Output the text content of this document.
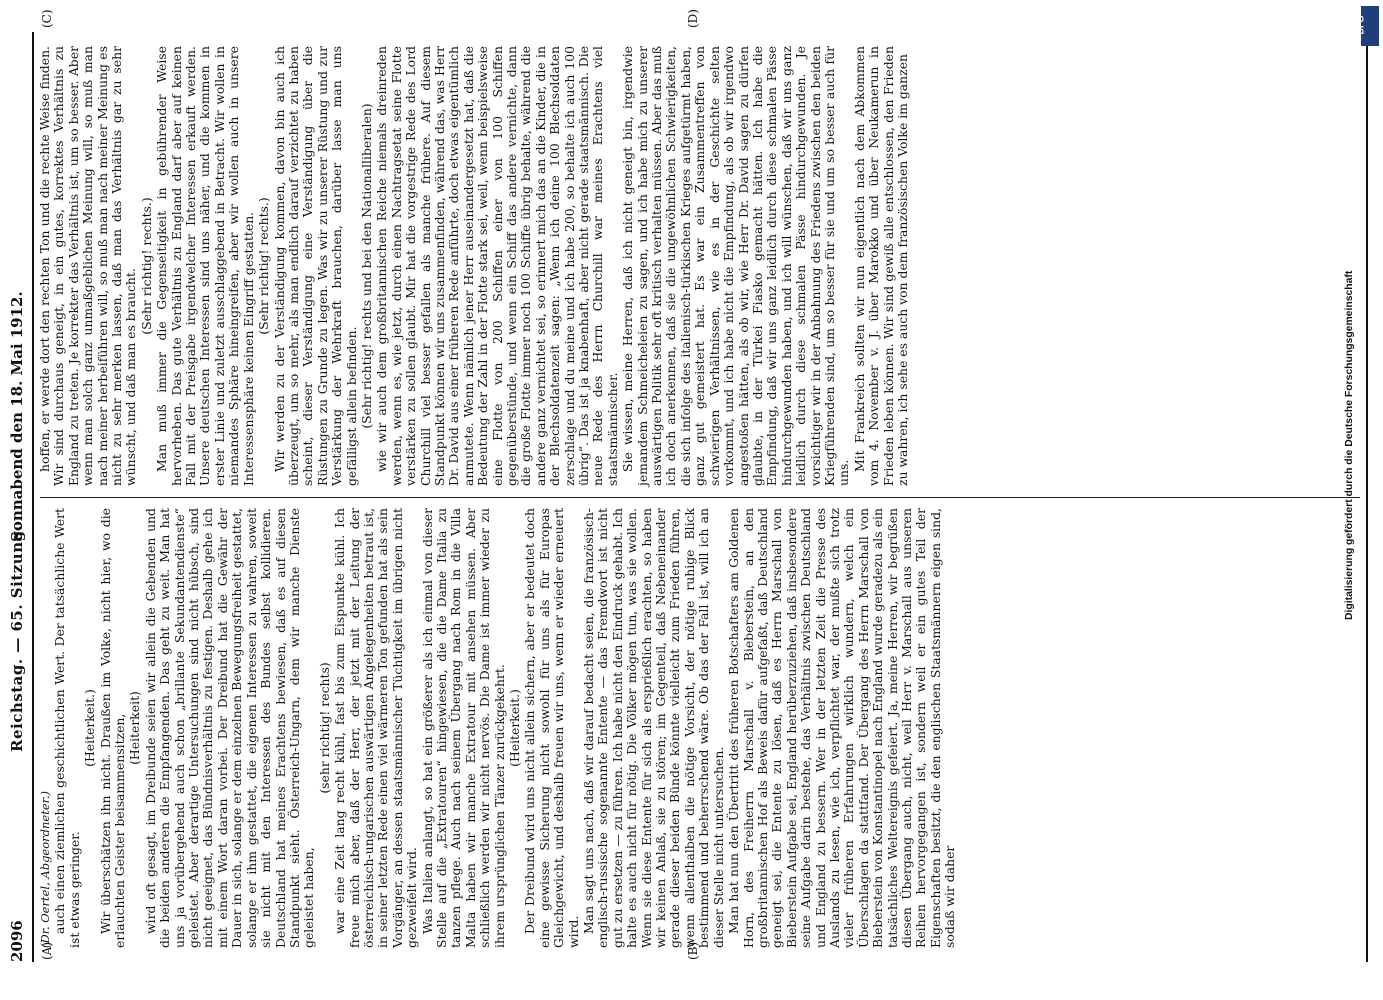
2096
Reichstag. — 65. Sitzung.
Sonnabend den 18. Mai 1912.
(A)	(B)
(C)	(D)

(Dr. Oertel, Abgeordneter.) auch einen ziemlichen geschichtlichen Wert. Der tatsächliche Wert ist etwas geringer.

(Heiterkeit.) Wir überschätzen ihn nicht. Draußen im Volke, nicht hier, wo die erlauchten Geister beisammensitzen, (Heiterkeit) wird oft gesagt, im Dreibunde seien wir allein die Gebenden und die beiden anderen die Empfangenden. Das geht zu weit. Man hat uns ja vorübergehend auch schon „brillante Sekundantendienste“ geleistet. Aber derartige Untersuchungen sind nicht hübsch, sind nicht geeignet, das Bündnisverhältnis zu festigen. Deshalb gehe ich mit einem Wort daran vorbei. Der Dreibund hat die Gewähr der Dauer in sich, solange er dem einzelnen Bewegungsfreiheit gestattet, solange er ihm gestattet, die eigenen Interessen zu wahren, soweit sie nicht mit den Interessen des Bundes selbst kollidieren. Deutschland hat meines Erachtens bewiesen, daß es auf diesen Standpunkt sieht. Österreich-Ungarn, dem wir manche Dienste geleistet haben,

(sehr richtig! rechts) war eine Zeit lang recht kühl, fast bis zum Eispunkte kühl. Ich freue mich aber, daß der Herr, der jetzt mit der Leitung der österreichisch-ungarischen auswärtigen Angelegenheiten betraut ist, in seiner letzten Rede einen viel wärmeren Ton gefunden hat als sein Vorgänger, an dessen staatsmännischer Tüchtigkeit im übrigen nicht gezweifelt wird. Was Italien anlangt, so hat ein größerer als ich einmal von dieser Stelle auf die „Extratouren“ hingewiesen, die die Dame Italia zu tanzen pflege. Auch nach seinem Übergang nach Rom in die Villa Malta haben wir manche Extratour mit ansehen müssen. Aber schließlich werden wir nicht nervös. Die Dame ist immer wieder zu ihrem ursprünglichen Tänzer zurückgekehrt. (Heiterkeit.) Der Dreibund wird uns nicht allein sichern, aber er bedeutet doch eine gewisse Sicherung nicht sowohl für uns als für Europas Gleichgewicht, und deshalb freuen wir uns, wenn er wieder erneuert wird. Man sagt uns nach, daß wir darauf bedacht seien, die französisch-englisch-russische sogenannte Entente — das Fremdwort ist nicht gut zu ersetzen — zu führen. Ich habe nicht den Eindruck gehabt. Ich halte es auch nicht für nötig. Die Völker mögen tun, was sie wollen. Wenn sie diese Entente für sich als ersprießlich erachten, so haben wir keinen Anlaß, sie zu stören; im Gegenteil, daß Nebeneinander gerade dieser beiden Bünde könnte vielleicht zum Frieden führen, wenn allenthalben die nötige Vorsicht, der nötige ruhige Blick bestimmend und beherrschend wäre. Ob das der Fall ist, will ich an dieser Stelle nicht untersuchen. Man hat nun den Übertritt des früheren Botschafters am Goldenen Horn, des Freiherrn Marschall v. Bieberstein, an den großbritannischen Hof als Beweis dafür aufgefaßt, daß Deutschland geneigt sei, die Entente zu lösen, daß es Herrn Marschall von Bieberstein Aufgabe sei, England herüberzuziehen, daß insbesondere seine Aufgabe darin bestehe, das Verhältnis zwischen Deutschland und England zu bessern. Wer in der letzten Zeit die Presse des Auslands zu lesen, wie ich, verpflichtet war, der mußte sich trotz vieler früheren Erfahrungen wirklich wundern, welch ein Überschlagen da stattfand. Der Übergang des Herrn Marschall von Bieberstein von Konstantinopel nach England wurde geradezu als ein tatsächliches Weltereignis gefeiert. Ja, meine Herren, wir begrüßen diesen Übergang auch, nicht, weil Herr v. Marschall aus unseren Reihen hervorgegangen ist, sondern weil er ein gutes Teil der Eigenschaften besitzt, die den englischen Staatsmännern eigen sind, sodaß wir daher

hoffen, er werde dort den rechten Ton und die rechte Weise finden. Wir sind durchaus geneigt, in ein gutes, korrektes Verhältnis zu England zu treten. Je korrekter das Verhältnis ist, um so besser. Aber wenn man solch ganz unmaßgeblichen Meinung will, so muß man nach meiner herbeiführen will, so muß man nach meiner Meinung es nicht zu sehr merken lassen, daß man das Verhältnis gar zu sehr wünscht, und daß man es braucht.

(Sehr richtig! rechts.) Man muß immer die Gegenseitigkeit in gebührender Weise hervorheben. Das gute Verhältnis zu England darf aber auf keinen Fall mit der Preisgabe irgendwelcher Interessen erkauft werden. Unsere deutschen Interessen sind uns näher, und die kommen in erster Linie und zuletzt ausschlaggebend in Betracht. Wir wollen in niemandes Sphäre hineingreifen, aber wir wollen auch in unsere Interessensphäre keinen Eingriff gestatten. (Sehr richtig! rechts.) Wir werden zu der Verständigung kommen, davon bin auch ich überzeugt, um so mehr, als man endlich darauf verzichtet zu haben scheint, dieser Verständigung eine Verständigung über die Rüstungen zu Grunde zu legen. Was wir zu unserer Rüstung und zur Verstärkung der Wehrkraft brauchen, darüber lasse man uns gefälligst allein befinden. (Sehr richtig! rechts und bei den Nationalliberalen) wie wir auch dem großbritannischen Reiche niemals dreinreden werden, wenn es, wie jetzt, durch einen Nachtragsetat seine Flotte verstärken zu sollen glaubt. Mir hat die vorgestrige Rede des Lord Churchill viel besser gefallen als manche frühere. Auf diesem Standpunkt können wir uns zusammenfinden, während das, was Herr Dr. David aus einer früheren Rede anführte, doch etwas eigentümlich anmutete. Wenn nämlich jener Herr auseinandergesetzt hat, daß die Bedeutung der Zahl in der Flotte stark sei, weil, wenn beispielsweise eine Flotte von 200 Schiffen einer von 100 Schiffen gegenüberstünde, und wenn ein Schiff das andere vernichte, dann die große Flotte immer noch 100 Schiffe übrig behalte, während die andere ganz vernichtet sei, so erinnert mich das an die Kinder, die in der Blechsoldatenzeit sagen: „Wenn ich deine 100 Blechsoldaten zerschlage und du meine und ich habe 200, so behalte ich auch 100 übrig“. Das ist ja knabenhaft, aber nicht gerade staatsmännisch. Die neue Rede des Herrn Churchill war meines Erachtens viel staatsmännischer. Sie wissen, meine Herren, daß ich nicht geneigt bin, irgendwie jemandem Schmeicheleien zu sagen, und ich habe mich zu unserer auswärtigen Politik sehr oft kritisch verhalten müssen. Aber das muß ich doch anerkennen, daß sie die ungewöhnlichen Schwierigkeiten, die sich infolge des italienisch-türkischen Krieges aufgetürmt haben, ganz gut gemeistert hat. Es war ein Zusammentreffen von schwierigen Verhältnissen, wie es in der Geschichte selten vorkommt, und ich habe nicht die Empfindung, als ob wir irgendwo angestoßen hätten, als ob wir, wie Herr Dr. David sagen zu dürfen glaubte, in der Türkei Fiasko gemacht hätten. Ich habe die Empfindung, daß wir uns ganz leidlich durch diese schmalen Pässe hindurchgewunden haben, und ich will wünschen, daß wir uns ganz leidlich durch diese schmalen Pässe hindurchgewunden. Je vorsichtiger wir in der Anbahnung des Friedens zwischen den beiden Kriegführenden sind, um so besser für sie und um so besser auch für uns.

Mit Frankreich sollten wir nun eigentlich nach dem Abkommen vom 4. November v. J. über Marokko und über Neukamerun in Frieden leben können. Wir sind gewiß alle entschlossen, den Frieden zu wahren, ich sehe es auch von dem französischen Volke im ganzen

DFG
Digitalisierung gefördert durch die Deutsche Forschungsgemeinschaft
